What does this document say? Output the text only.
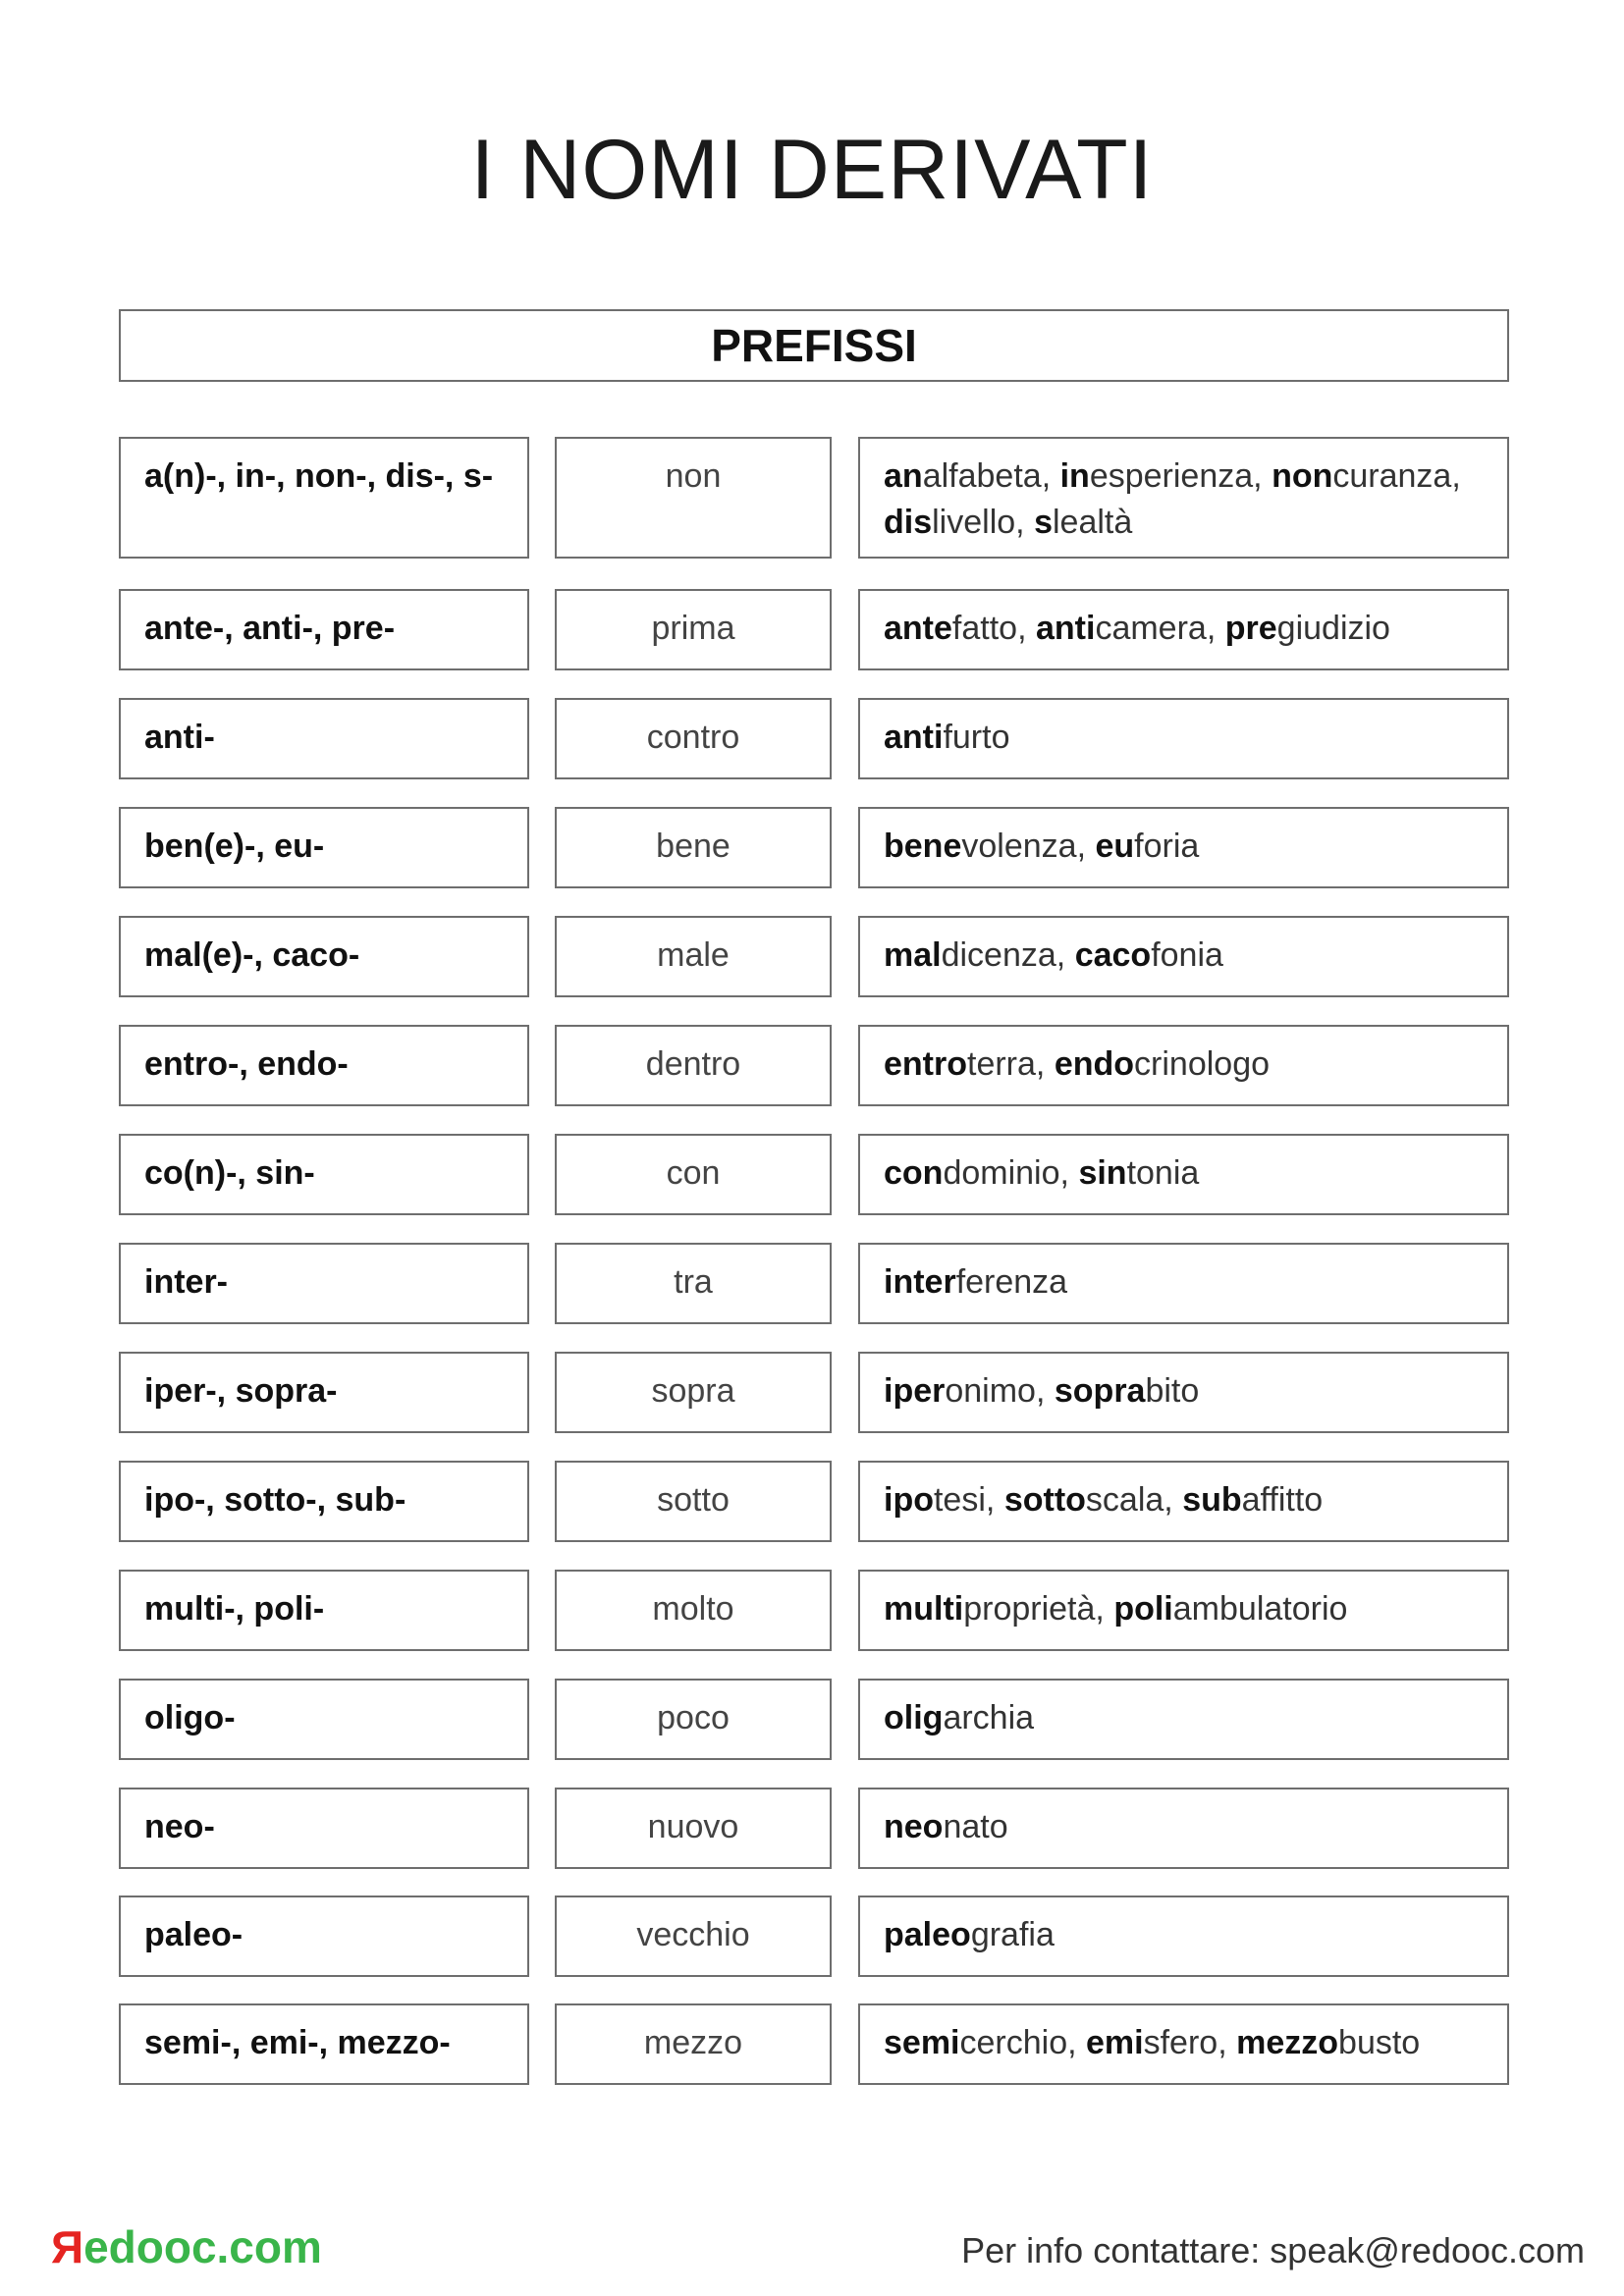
I NOMI DERIVATI
PREFISSI
a(n)-, in-, non-, dis-, s-	non	analfabeta, inesperienza, noncuranza,
dislivello, slealtà
ante-, anti-, pre-	prima	antefatto, anticamera, pregiudizio
anti-	contro	antifurto
ben(e)-, eu-	bene	benevolenza, euforia
mal(e)-, caco-	male	maldicenza, cacofonia
entro-, endo-	dentro	entroterra, endocrinologo
co(n)-, sin-	con	condominio, sintonia
inter-	tra	interferenza
iper-, sopra-	sopra	iperonimo, soprabito
ipo-, sotto-, sub-	sotto	ipotesi, sottoscala, subaffitto
multi-, poli-	molto	multiproprietà, poliambulatorio
oligo-	poco	oligarchia
neo-	nuovo	neonato
paleo-	vecchio	paleografia
semi-, emi-, mezzo-	mezzo	semicerchio, emisfero, mezzobusto
Яedooc.com	Per info contattare: speak@redooc.com
